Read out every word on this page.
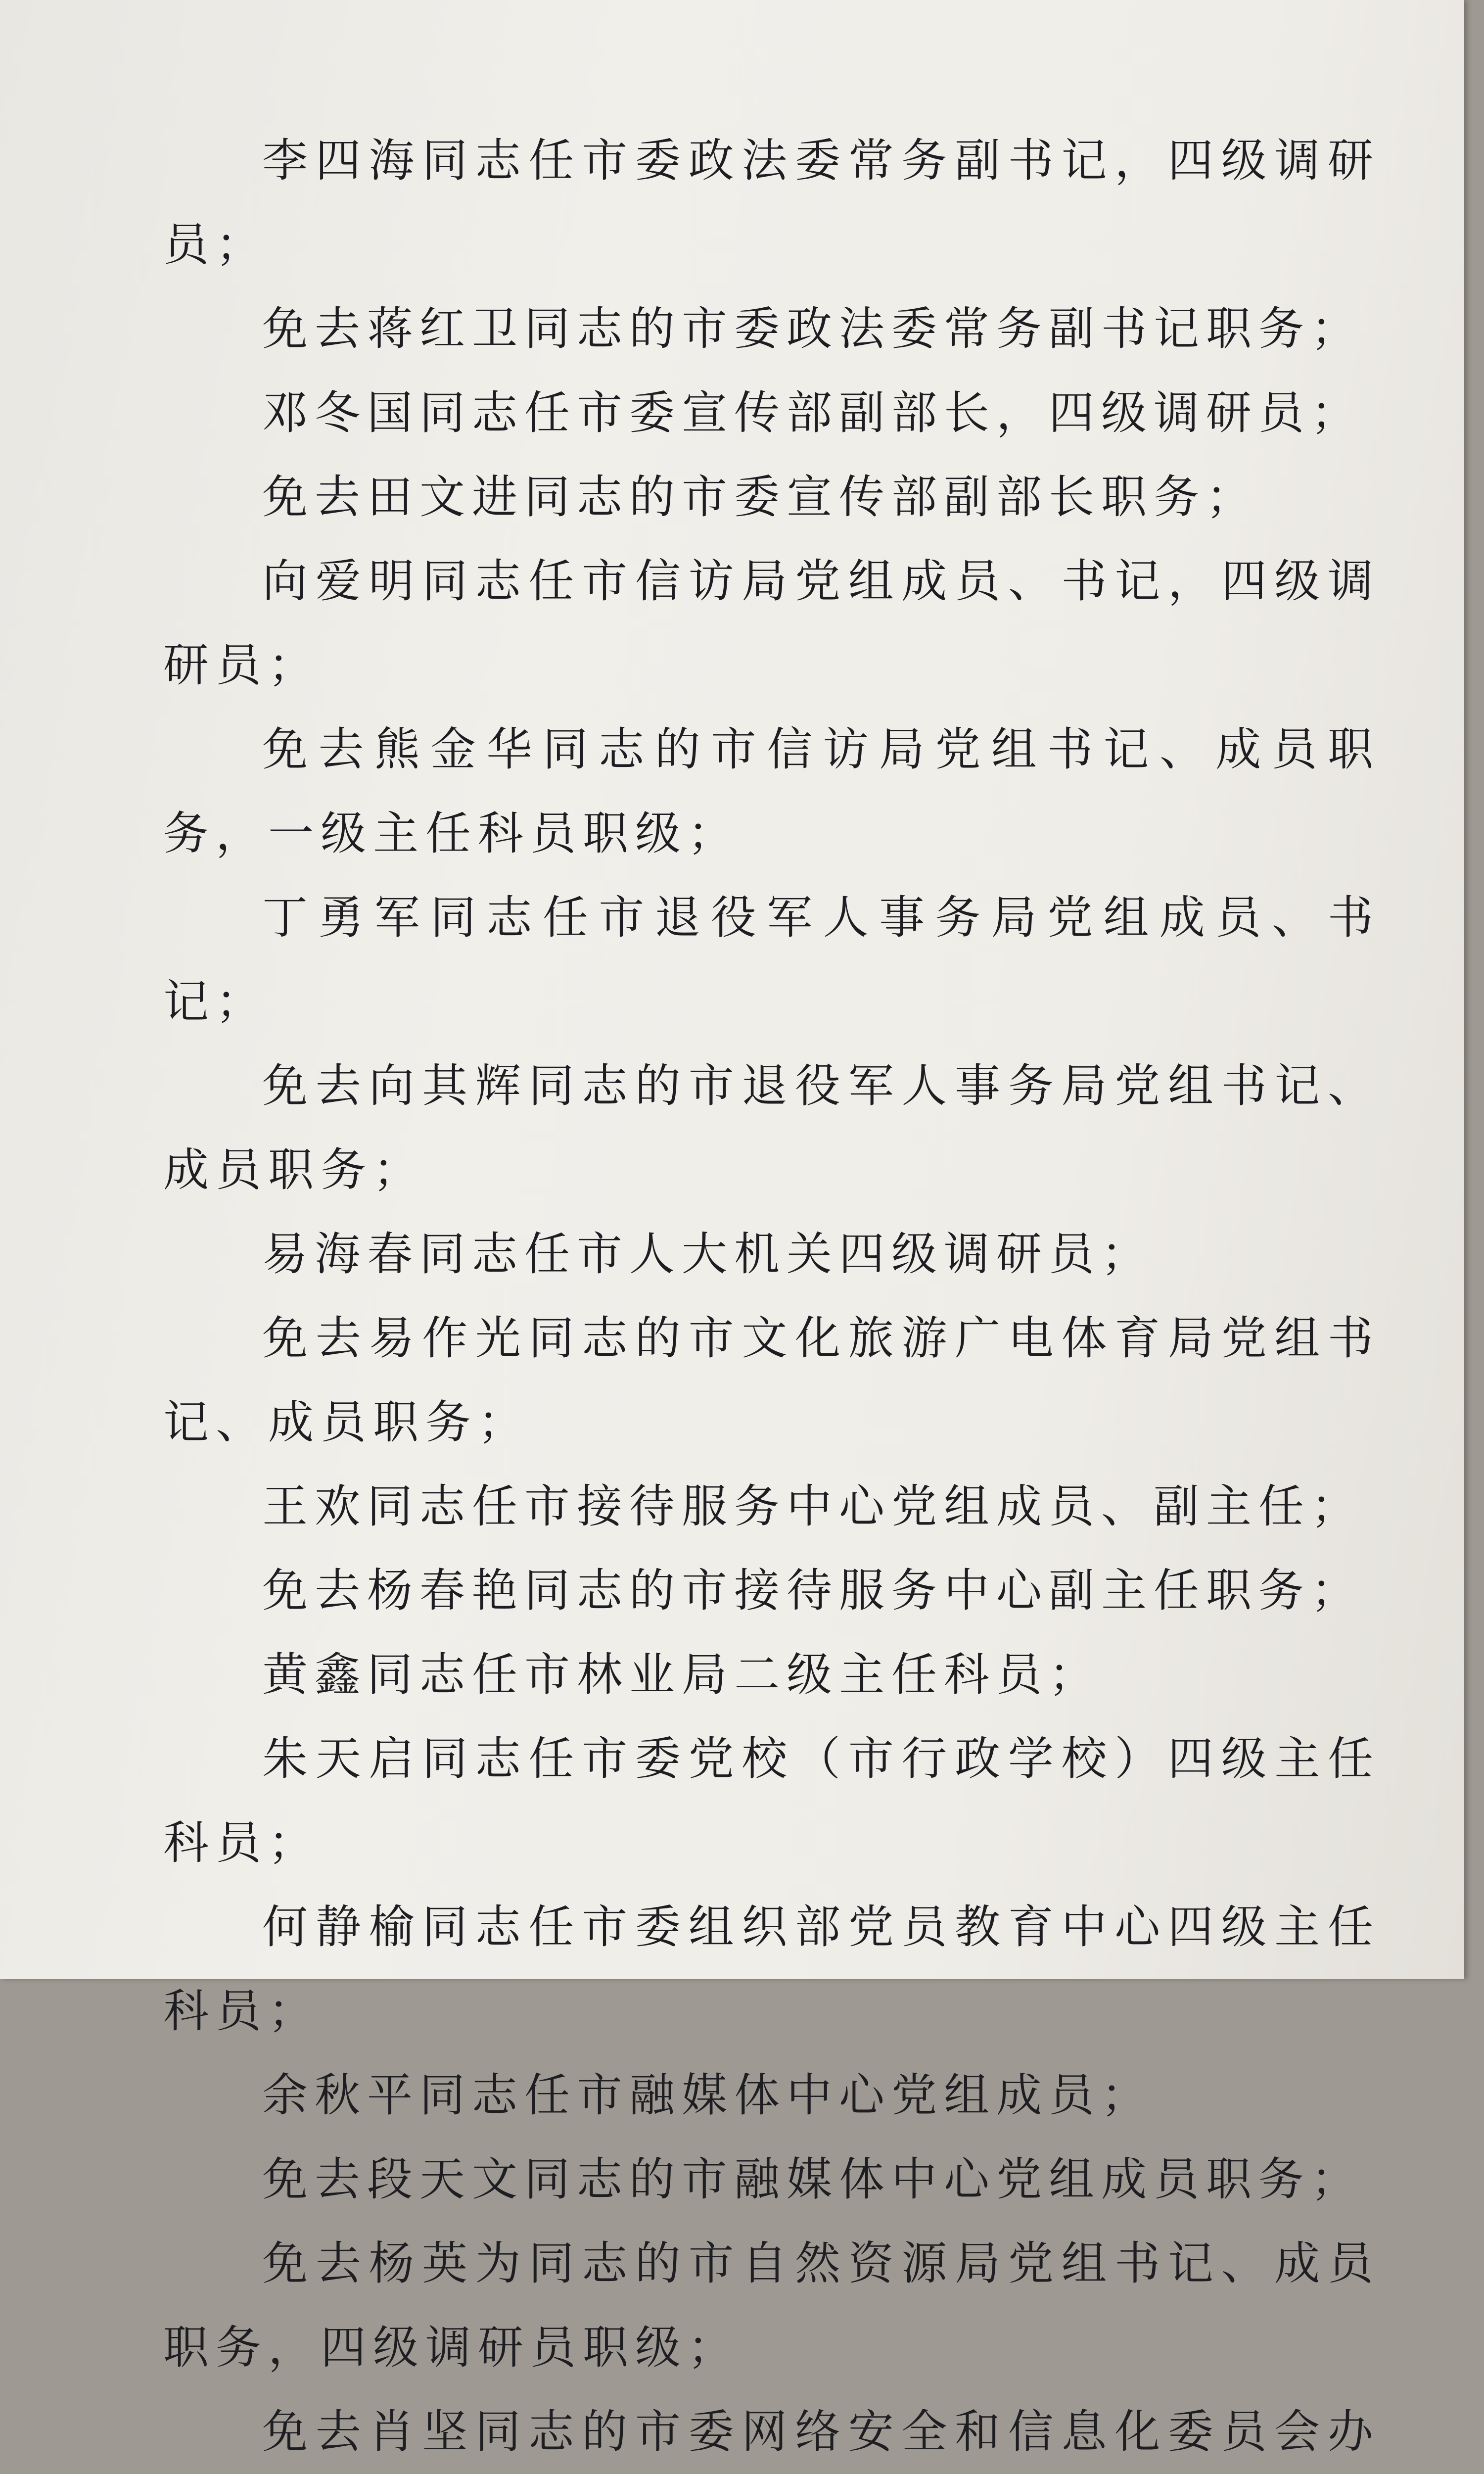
李四海同志任市委政法委常务副书记，四级调研员；

免去蒋红卫同志的市委政法委常务副书记职务；

邓冬国同志任市委宣传部副部长，四级调研员；

免去田文进同志的市委宣传部副部长职务；

向爱明同志任市信访局党组成员、书记，四级调研员；

免去熊金华同志的市信访局党组书记、成员职务，一级主任科员职级；

丁勇军同志任市退役军人事务局党组成员、书记；

免去向其辉同志的市退役军人事务局党组书记、成员职务；

易海春同志任市人大机关四级调研员；

免去易作光同志的市文化旅游广电体育局党组书记、成员职务；

王欢同志任市接待服务中心党组成员、副主任；

免去杨春艳同志的市接待服务中心副主任职务；

黄鑫同志任市林业局二级主任科员；

朱天启同志任市委党校（市行政学校）四级主任科员；

何静榆同志任市委组织部党员教育中心四级主任科员；

余秋平同志任市融媒体中心党组成员；

免去段天文同志的市融媒体中心党组成员职务；

免去杨英为同志的市自然资源局党组书记、成员职务，四级调研员职级；

免去肖坚同志的市委网络安全和信息化委员会办
